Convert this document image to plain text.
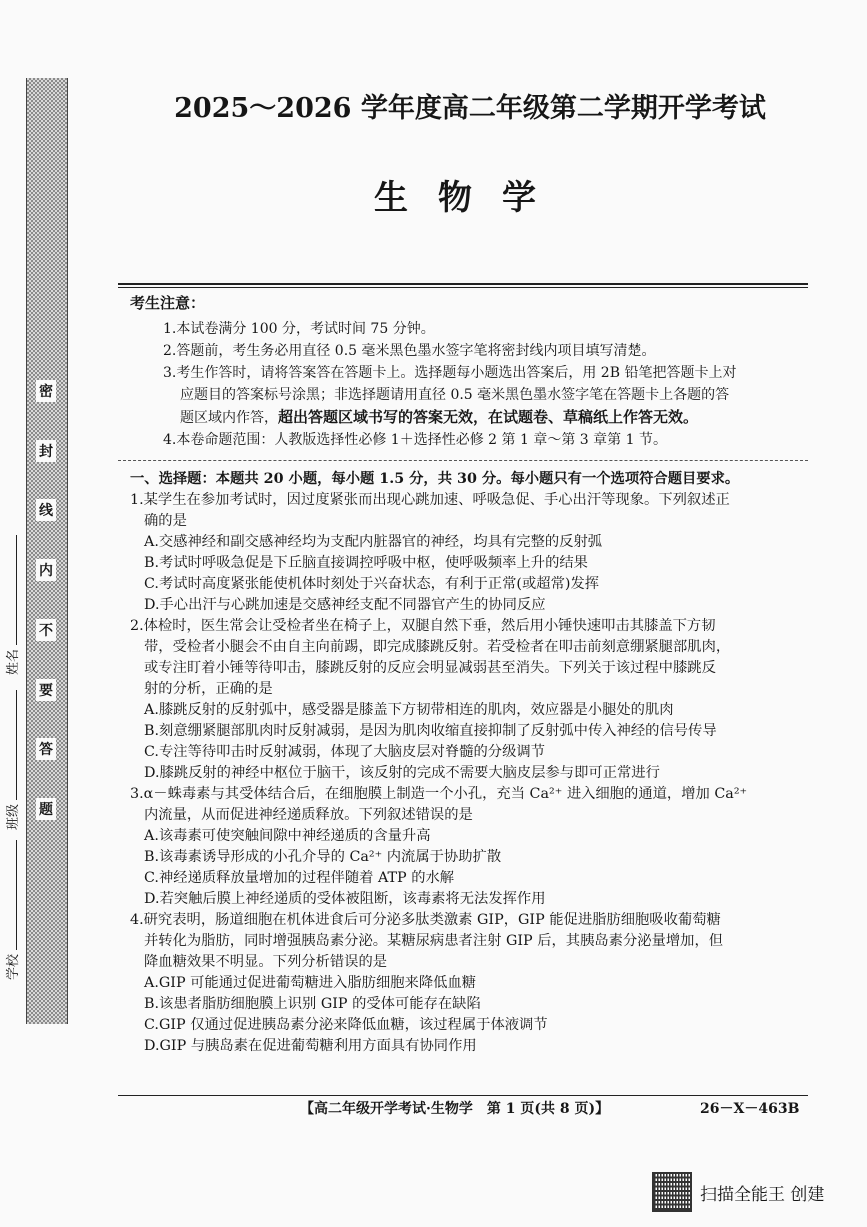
密
封
线
内
不
要
答
题
学校
班级
姓名
2025～2026 学年度高二年级第二学期开学考试
生物学
考生注意：

1.本试卷满分 100 分，考试时间 75 分钟。

2.答题前，考生务必用直径 0.5 毫米黑色墨水签字笔将密封线内项目填写清楚。

3.考生作答时，请将答案答在答题卡上。选择题每小题选出答案后，用 2B 铅笔把答题卡上对

应题目的答案标号涂黑；非选择题请用直径 0.5 毫米黑色墨水签字笔在答题卡上各题的答

题区域内作答，超出答题区域书写的答案无效，在试题卷、草稿纸上作答无效。

4.本卷命题范围：人教版选择性必修 1＋选择性必修 2 第 1 章～第 3 章第 1 节。

一、选择题：本题共 20 小题，每小题 1.5 分，共 30 分。每小题只有一个选项符合题目要求。

1.某学生在参加考试时，因过度紧张而出现心跳加速、呼吸急促、手心出汗等现象。下列叙述正

确的是

A.交感神经和副交感神经均为支配内脏器官的神经，均具有完整的反射弧

B.考试时呼吸急促是下丘脑直接调控呼吸中枢，使呼吸频率上升的结果

C.考试时高度紧张能使机体时刻处于兴奋状态，有利于正常(或超常)发挥

D.手心出汗与心跳加速是交感神经支配不同器官产生的协同反应

2.体检时，医生常会让受检者坐在椅子上，双腿自然下垂，然后用小锤快速叩击其膝盖下方韧

带，受检者小腿会不由自主向前踢，即完成膝跳反射。若受检者在叩击前刻意绷紧腿部肌肉，

或专注盯着小锤等待叩击，膝跳反射的反应会明显减弱甚至消失。下列关于该过程中膝跳反

射的分析，正确的是

A.膝跳反射的反射弧中，感受器是膝盖下方韧带相连的肌肉，效应器是小腿处的肌肉

B.刻意绷紧腿部肌肉时反射减弱，是因为肌肉收缩直接抑制了反射弧中传入神经的信号传导

C.专注等待叩击时反射减弱，体现了大脑皮层对脊髓的分级调节

D.膝跳反射的神经中枢位于脑干，该反射的完成不需要大脑皮层参与即可正常进行

3.α－蛛毒素与其受体结合后，在细胞膜上制造一个小孔，充当 Ca²⁺ 进入细胞的通道，增加 Ca²⁺

内流量，从而促进神经递质释放。下列叙述错误的是

A.该毒素可使突触间隙中神经递质的含量升高

B.该毒素诱导形成的小孔介导的 Ca²⁺ 内流属于协助扩散

C.神经递质释放量增加的过程伴随着 ATP 的水解

D.若突触后膜上神经递质的受体被阻断，该毒素将无法发挥作用

4.研究表明，肠道细胞在机体进食后可分泌多肽类激素 GIP，GIP 能促进脂肪细胞吸收葡萄糖

并转化为脂肪，同时增强胰岛素分泌。某糖尿病患者注射 GIP 后，其胰岛素分泌量增加，但

降血糖效果不明显。下列分析错误的是

A.GIP 可能通过促进葡萄糖进入脂肪细胞来降低血糖

B.该患者脂肪细胞膜上识别 GIP 的受体可能存在缺陷

C.GIP 仅通过促进胰岛素分泌来降低血糖，该过程属于体液调节

D.GIP 与胰岛素在促进葡萄糖利用方面具有协同作用

【高二年级开学考试·生物学　第 1 页(共 8 页)】	26－X－463B
扫描全能王 创建
